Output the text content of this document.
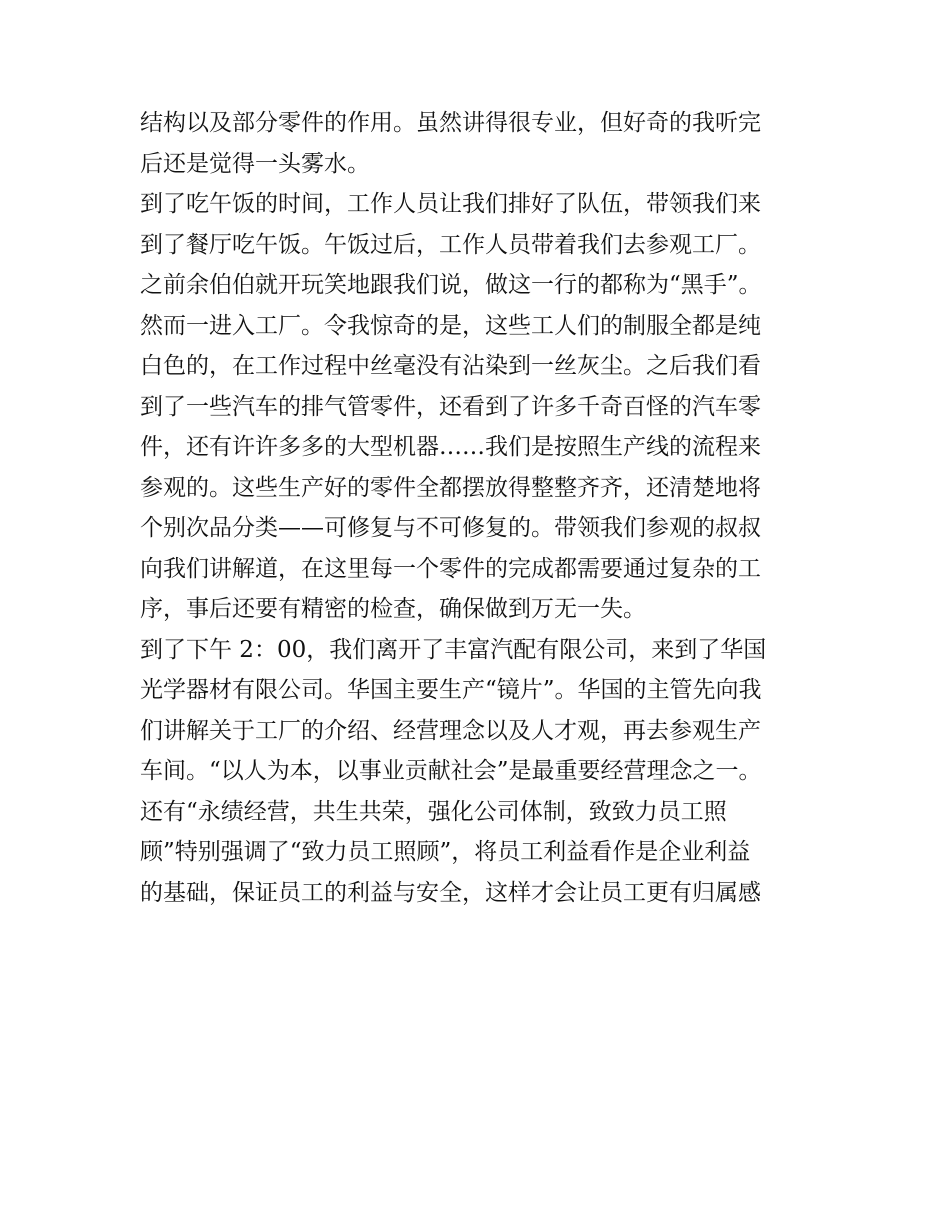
结构以及部分零件的作用。虽然讲得很专业，但好奇的我听完
后还是觉得一头雾水。
到了吃午饭的时间，工作人员让我们排好了队伍，带领我们来
到了餐厅吃午饭。午饭过后，工作人员带着我们去参观工厂。
之前余伯伯就开玩笑地跟我们说，做这一行的都称为“黑手”。
然而一进入工厂。令我惊奇的是，这些工人们的制服全都是纯
白色的，在工作过程中丝毫没有沾染到一丝灰尘。之后我们看
到了一些汽车的排气管零件，还看到了许多千奇百怪的汽车零
件，还有许许多多的大型机器……我们是按照生产线的流程来
参观的。这些生产好的零件全都摆放得整整齐齐，还清楚地将
个别次品分类——可修复与不可修复的。带领我们参观的叔叔
向我们讲解道，在这里每一个零件的完成都需要通过复杂的工
序，事后还要有精密的检查，确保做到万无一失。
到了下午 2：00，我们离开了丰富汽配有限公司，来到了华国
光学器材有限公司。华国主要生产“镜片”。华国的主管先向我
们讲解关于工厂的介绍、经营理念以及人才观，再去参观生产
车间。“以人为本，以事业贡献社会”是最重要经营理念之一。
还有“永绩经营，共生共荣，强化公司体制，致致力员工照
顾”特别强调了“致力员工照顾”，将员工利益看作是企业利益
的基础，保证员工的利益与安全，这样才会让员工更有归属感
